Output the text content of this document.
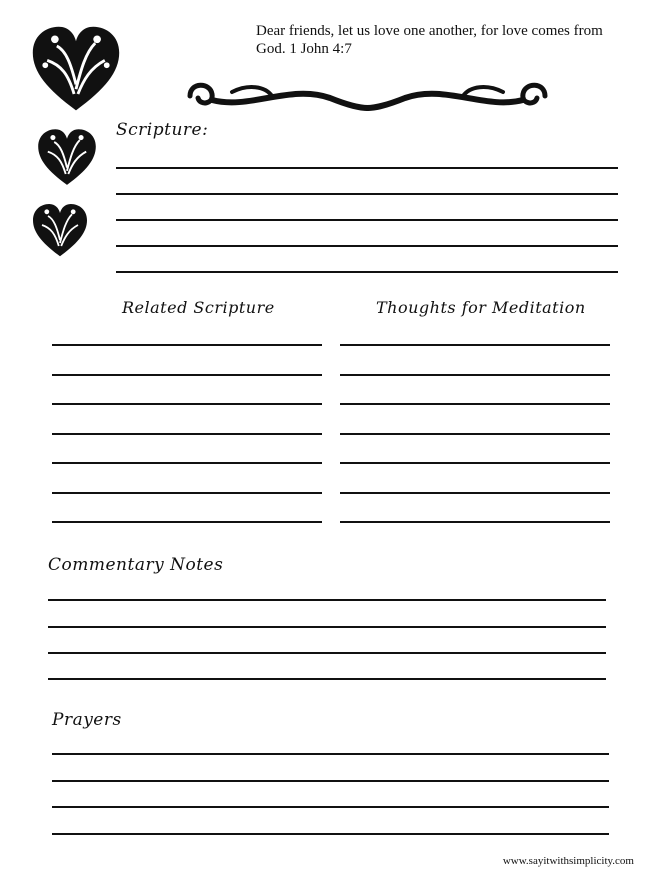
Dear friends, let us love one another, for love comes from God. 1 John 4:7
Scripture:
Related Scripture	Thoughts for Meditation
Commentary Notes
Prayers
www.sayitwithsimplicity.com
